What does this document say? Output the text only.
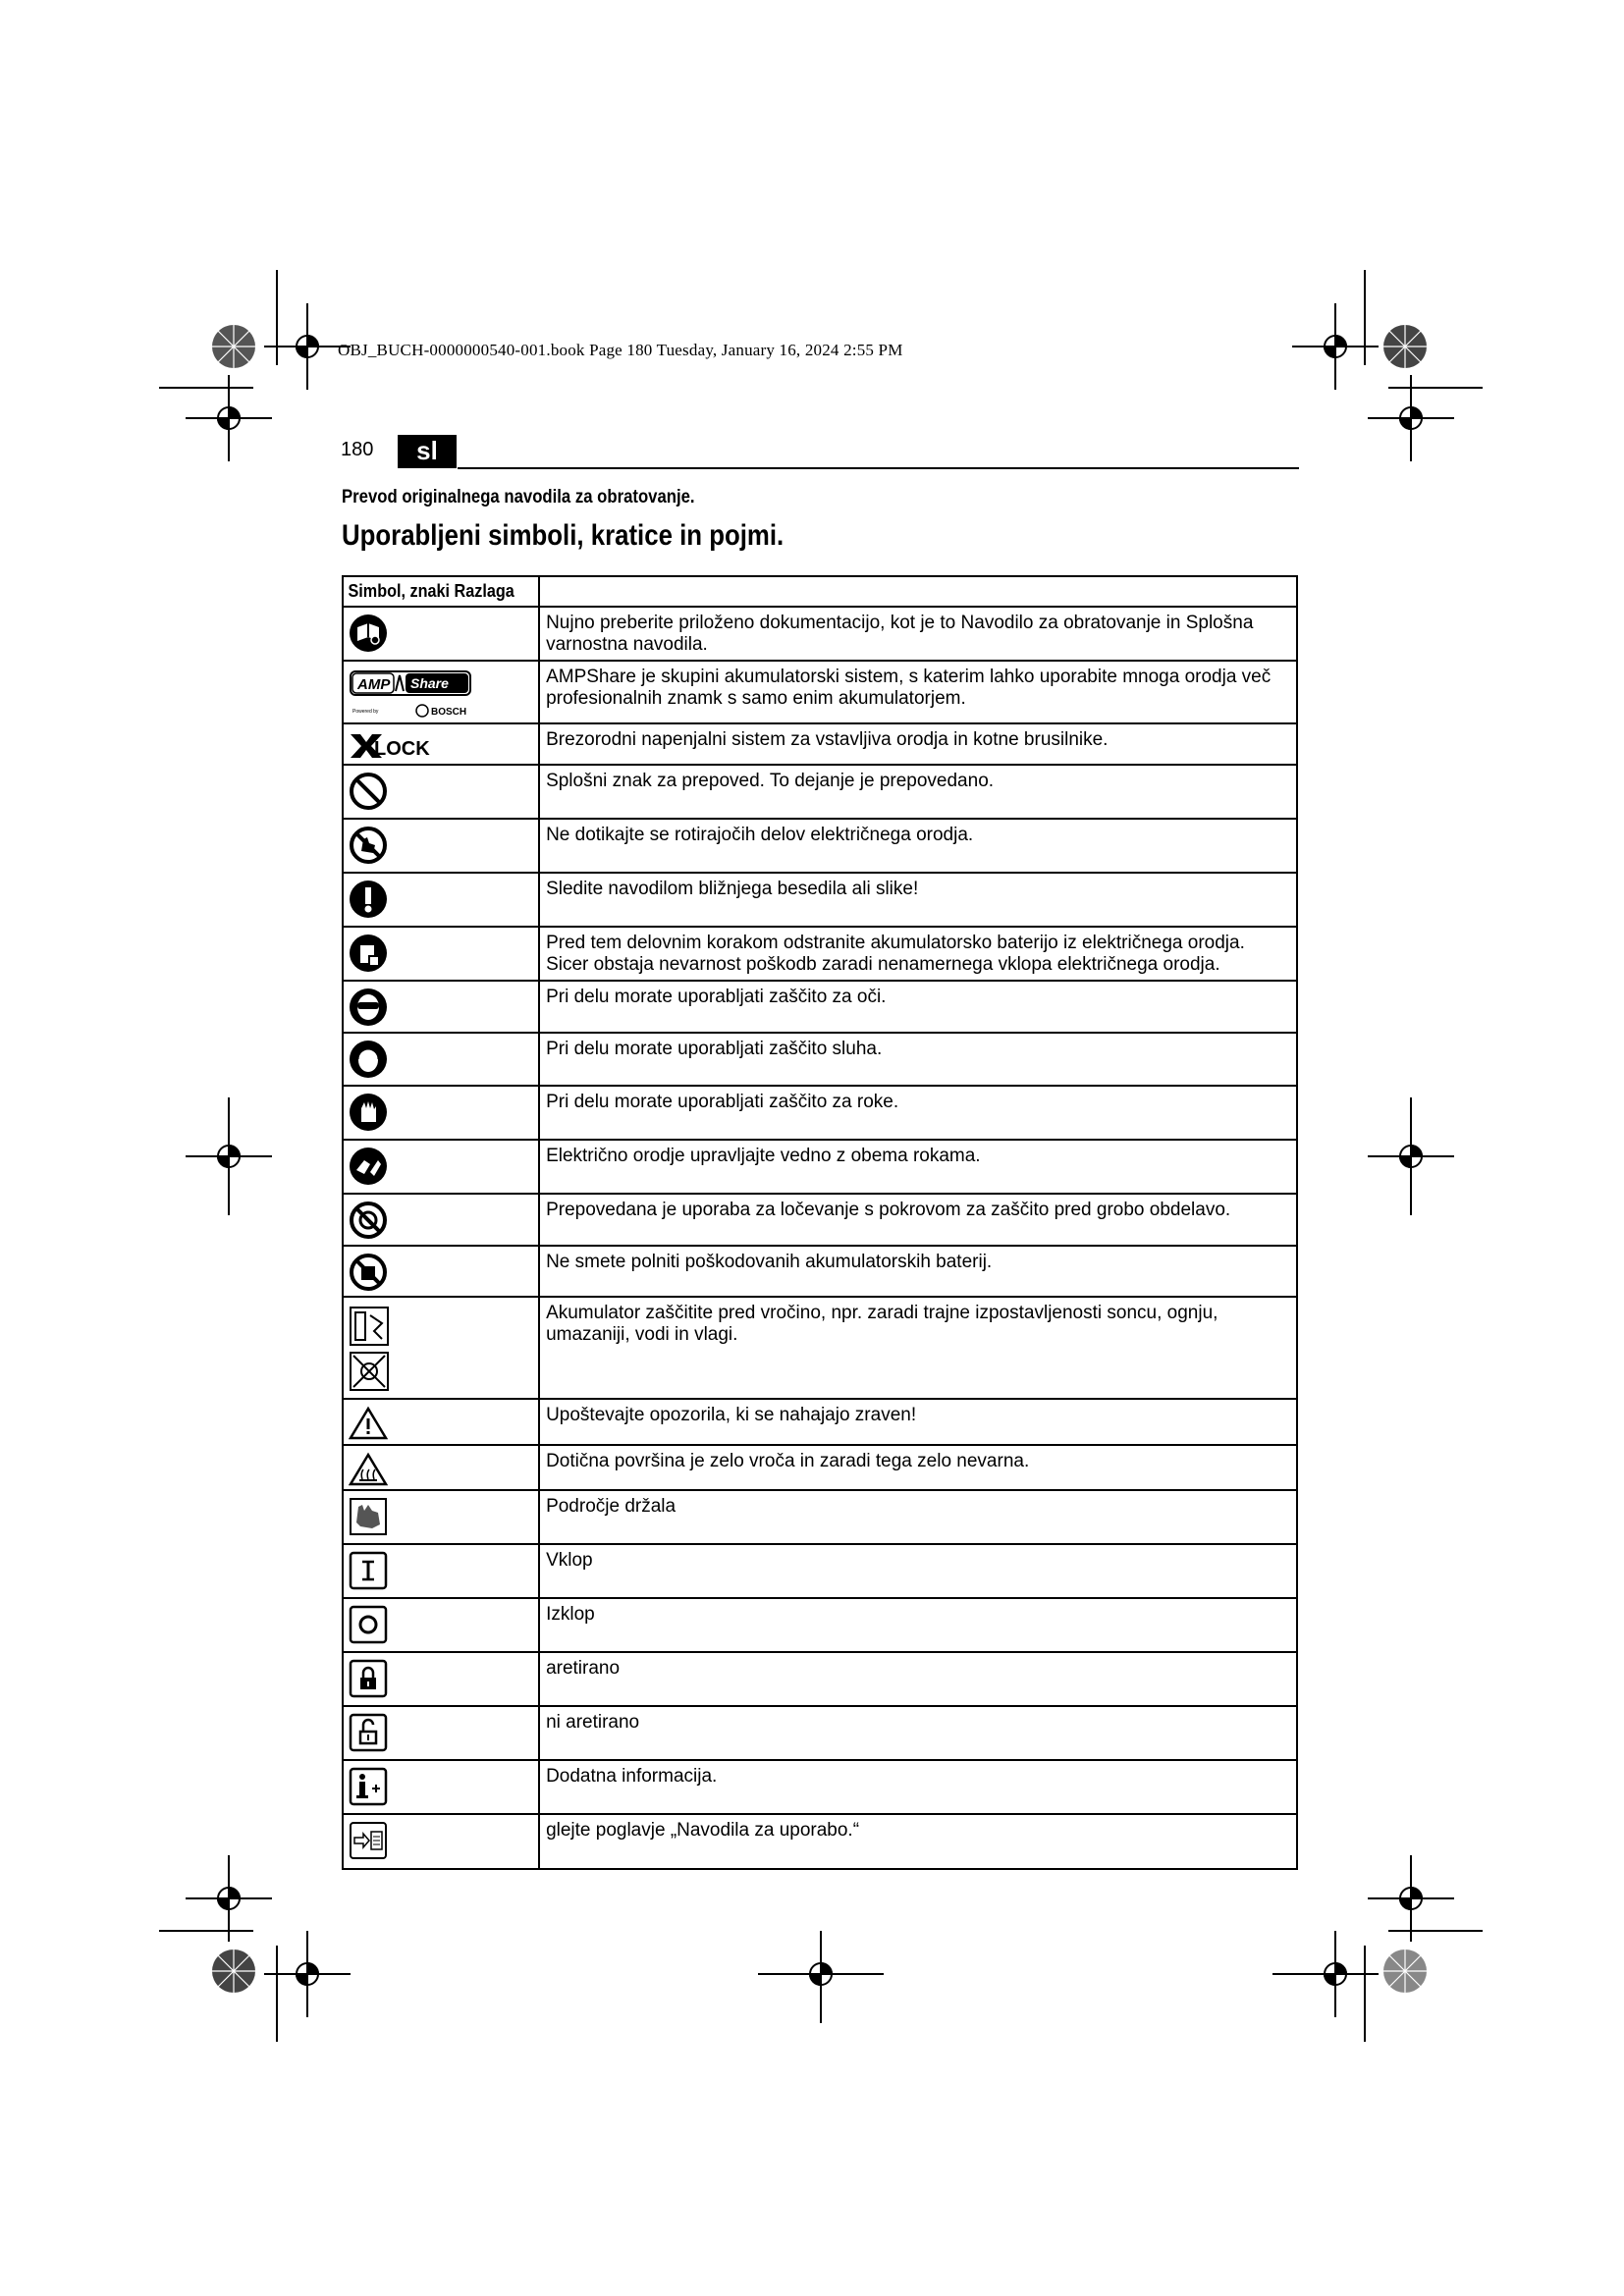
OBJ_BUCH-0000000540-001.book Page 180 Tuesday, January 16, 2024 2:55 PM
180	sl
Prevod originalnega navodila za obratovanje.
Uporabljeni simboli, kratice in pojmi.
Simbol, znaki Razlaga	

	Nujno preberite priloženo dokumentacijo, kot je to Navodilo za obratovanje in Splošna varnostna navodila.

AMP Share
Powered by BOSCH	AMPShare je skupini akumulatorski sistem, s katerim lahko uporabite mnoga orodja več profesionalnih znamk s samo enim akumulatorjem.

LOCK	Brezorodni napenjalni sistem za vstavljiva orodja in kotne brusilnike.

	Splošni znak za prepoved. To dejanje je prepovedano.

	Ne dotikajte se rotirajočih delov električnega orodja.

	Sledite navodilom bližnjega besedila ali slike!

	Pred tem delovnim korakom odstranite akumulatorsko baterijo iz električnega orodja. Sicer obstaja nevarnost poškodb zaradi nenamernega vklopa električnega orodja.

	Pri delu morate uporabljati zaščito za oči.

	Pri delu morate uporabljati zaščito sluha.

	Pri delu morate uporabljati zaščito za roke.

	Električno orodje upravljajte vedno z obema rokama.

	Prepovedana je uporaba za ločevanje s pokrovom za zaščito pred grobo obdelavo.

	Ne smete polniti poškodovanih akumulatorskih baterij.

	Akumulator zaščitite pred vročino, npr. zaradi trajne izpostavljenosti soncu, ognju, umazaniji, vodi in vlagi.

	Upoštevajte opozorila, ki se nahajajo zraven!

	Dotična površina je zelo vroča in zaradi tega zelo nevarna.

	Področje držala

	Vklop

	Izklop

	aretirano

	ni aretirano

	Dodatna informacija.

	glejte poglavje „Navodila za uporabo.“
